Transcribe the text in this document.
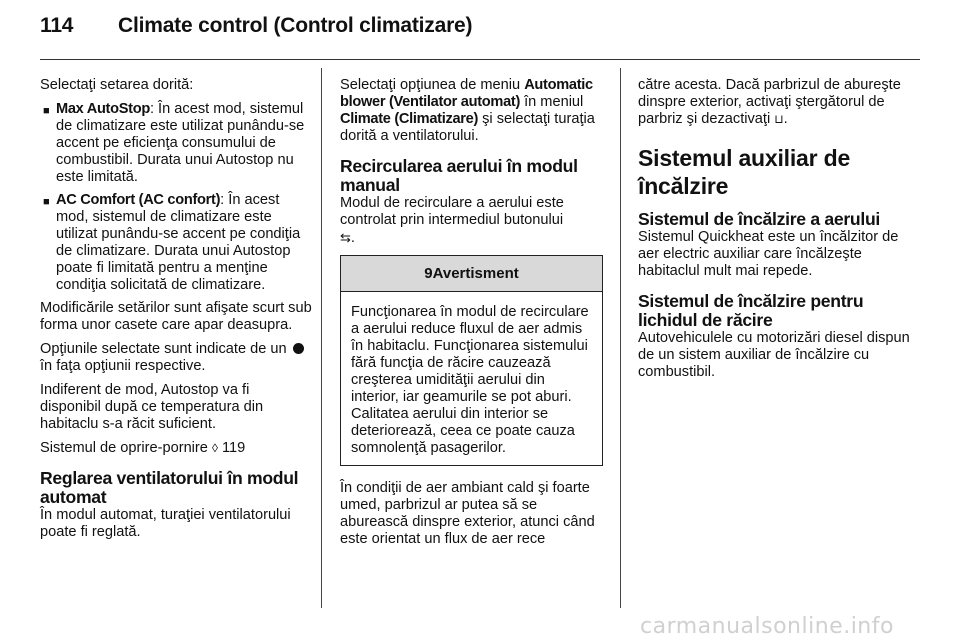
114 Climate control (Control climatizare)

Selectaţi setarea dorită:

■ Max AutoStop: În acest mod, sistemul de climatizare este utilizat punându-se accent pe eficienţa consumului de combustibil. Durata unui Autostop nu este limitată.
■ AC Comfort (AC confort): În acest mod, sistemul de climatizare este utilizat punându-se accent pe condiţia de climatizare. Durata unui Autostop poate fi limitată pentru a menţine condiţia solicitată de climatizare.

Modificările setărilor sunt afişate scurt sub forma unor casete care apar deasupra.

Opţiunile selectate sunt indicate de un  în faţa opţiunii respective.

Indiferent de mod, Autostop va fi disponibil după ce temperatura din habitaclu s-a răcit suficient.

Sistemul de oprire-pornire ◊ 119

Reglarea ventilatorului în modul automat

În modul automat, turaţiei ventilatorului poate fi reglată.

Selectaţi opţiunea de meniu Automatic blower (Ventilator automat) în meniul Climate (Climatizare) şi selectaţi turaţia dorită a ventilatorului.

Recircularea aerului în modul manual

Modul de recirculare a aerului este controlat prin intermediul butonului
⇆.

9Avertisment
Funcţionarea în modul de recirculare a aerului reduce fluxul de aer admis în habitaclu. Funcţionarea sistemului fără funcţia de răcire cauzează creşterea umidităţii aerului din interior, iar geamurile se pot aburi. Calitatea aerului din interior se deteriorează, ceea ce poate cauza somnolenţă pasagerilor.

În condiţii de aer ambiant cald şi foarte umed, parbrizul ar putea să se aburească dinspre exterior, atunci când este orientat un flux de aer rece

către acesta. Dacă parbrizul de abureşte dinspre exterior, activaţi ştergătorul de parbriz şi dezactivaţi ⊔.

Sistemul auxiliar de încălzire
Sistemul de încălzire a aerului

Sistemul Quickheat este un încălzitor de aer electric auxiliar care încălzeşte habitaclul mult mai repede.

Sistemul de încălzire pentru lichidul de răcire

Autovehiculele cu motorizări diesel dispun de un sistem auxiliar de încălzire cu combustibil.

carmanualsonline.info
